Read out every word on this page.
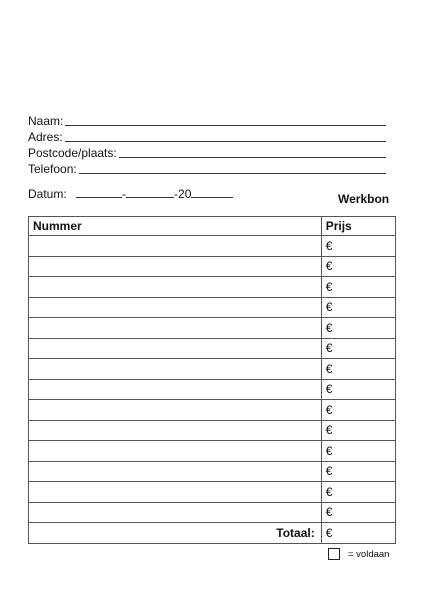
Naam:
Adres:
Postcode/plaats:
Telefoon:
Datum:	-	-20	Werkbon
Nummer	Prijs
	€
	€
	€
	€
	€
	€
	€
	€
	€
	€
	€
	€
	€
	€
Totaal:	€
= voldaan
